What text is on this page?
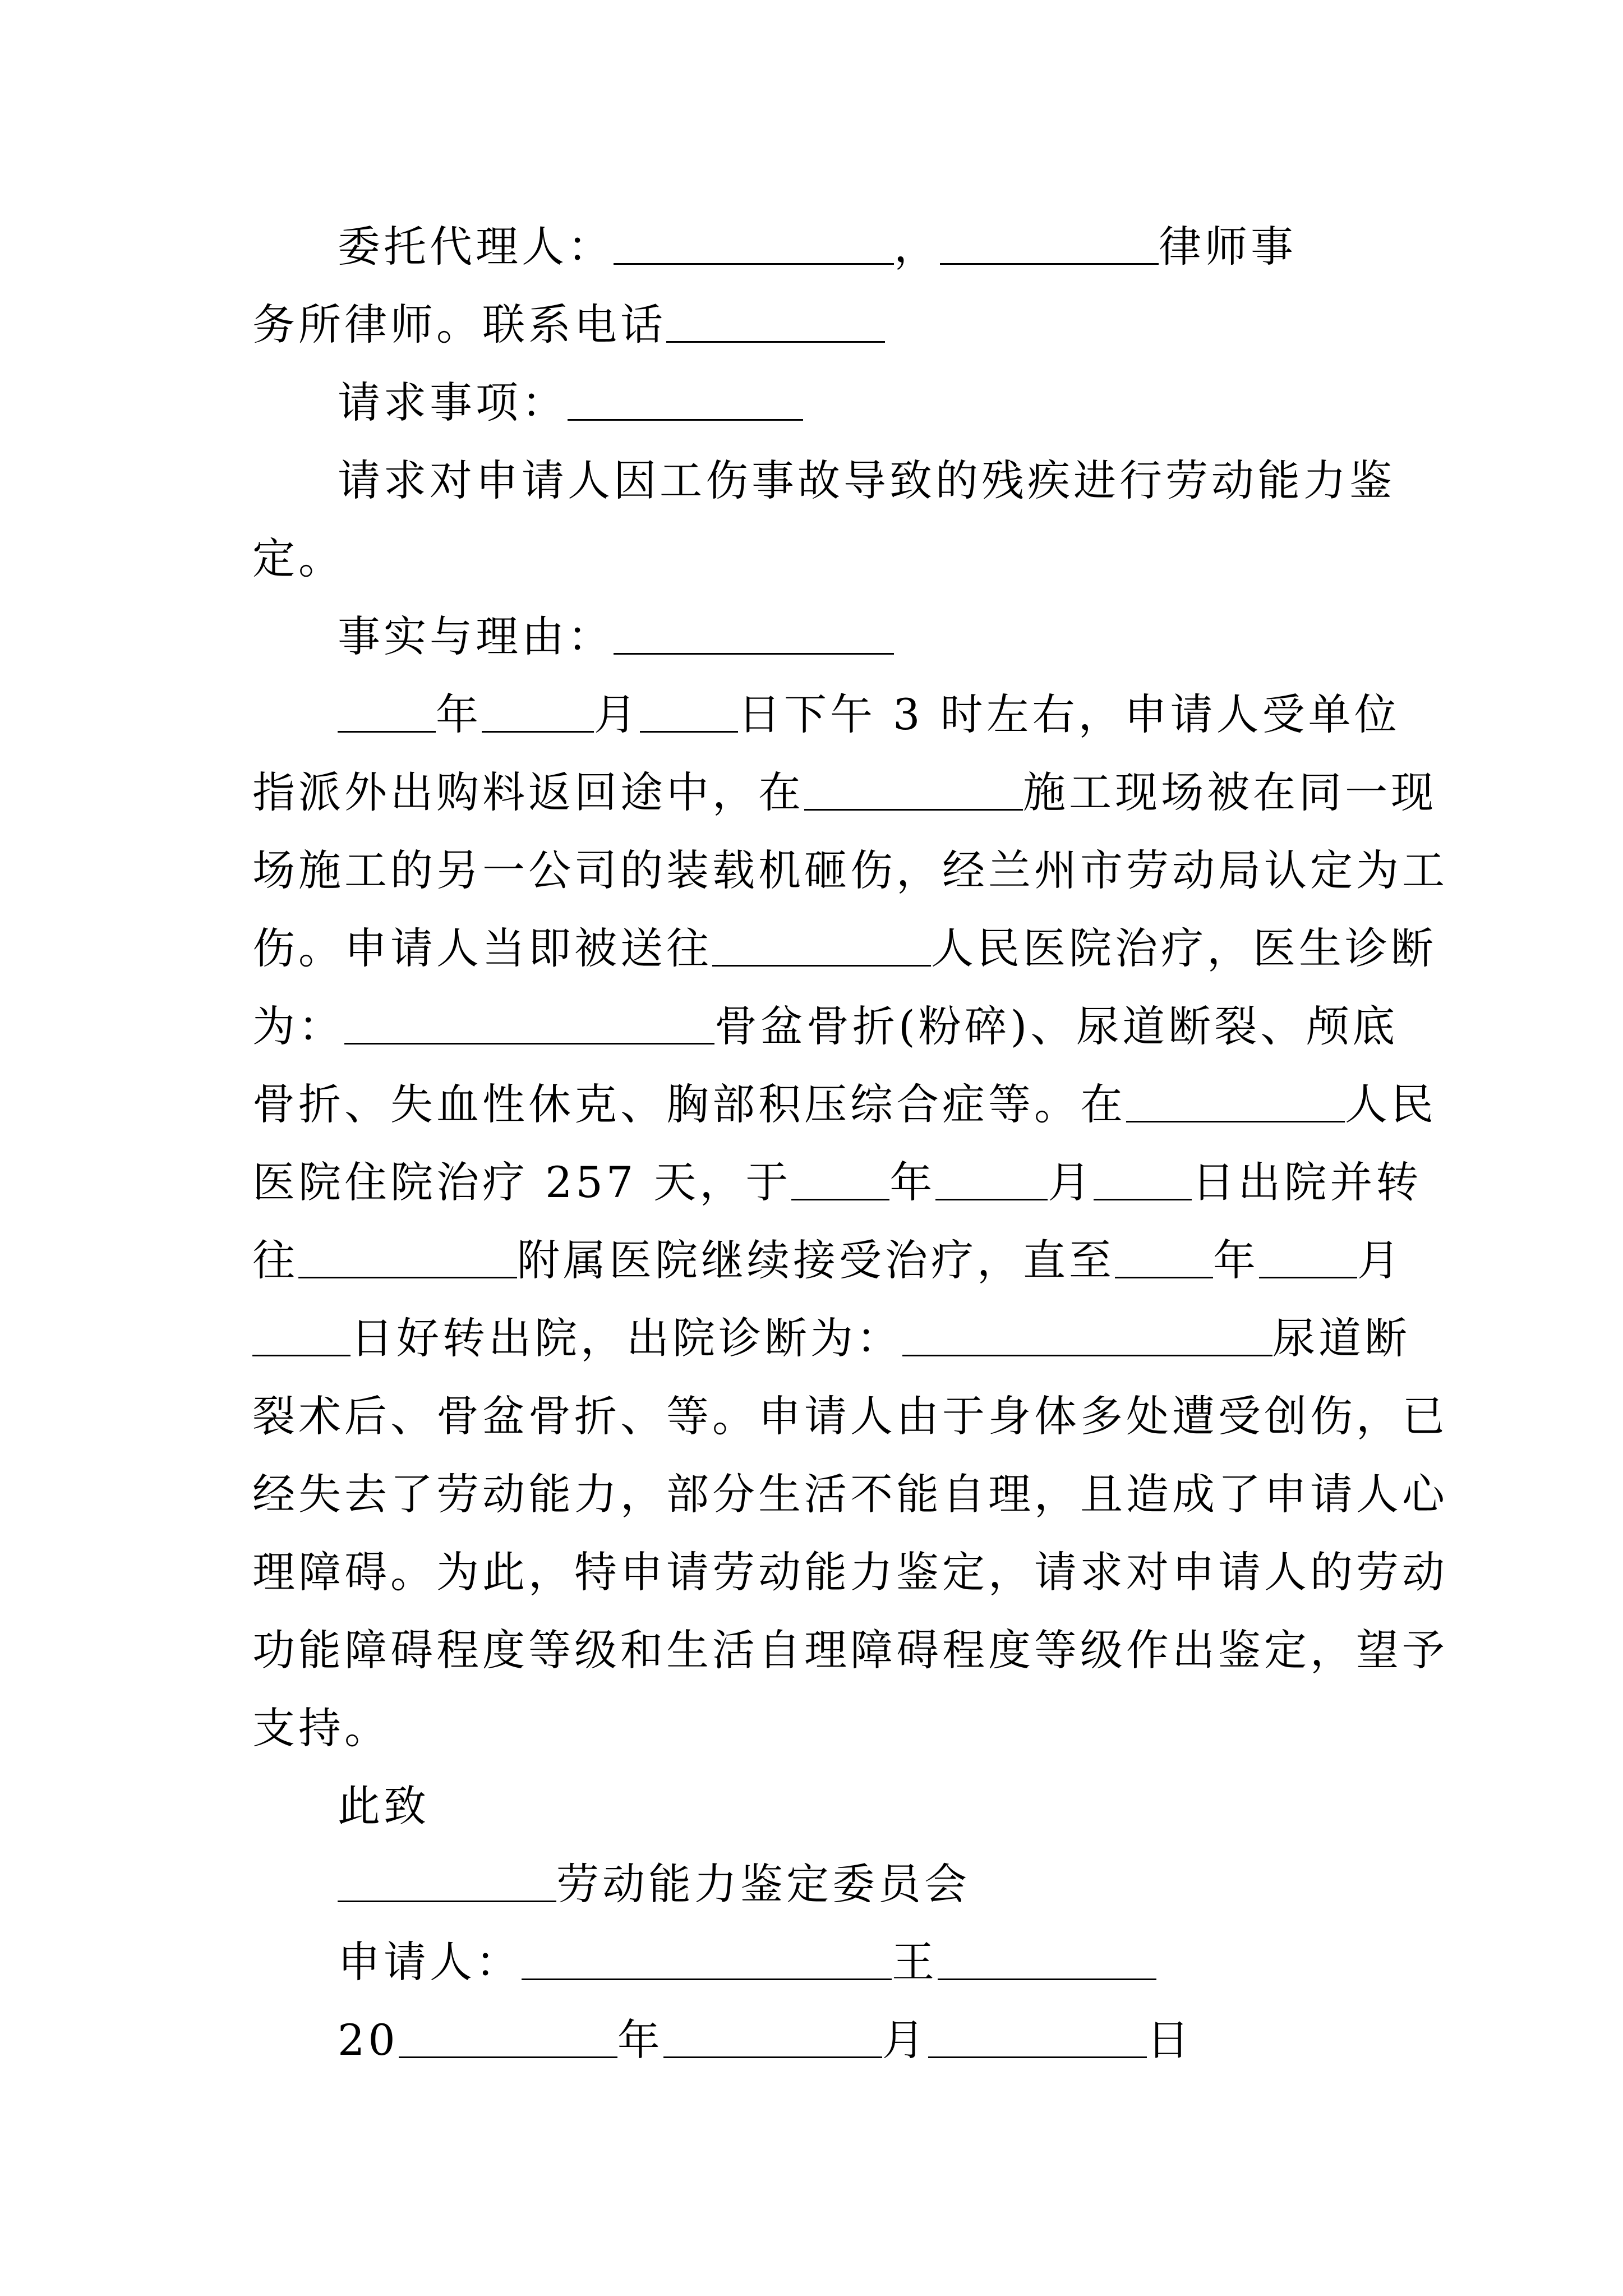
委托代理人：	，	律师事
务所律师。联系电话
请求事项：
请求对申请人因工伤事故导致的残疾进行劳动能力鉴
定。
事实与理由：
年	月 日下午 3 时左右，申请人受单位
指派外出购料返回途中，在	施工现场被在同一现
场施工的另一公司的装载机砸伤，经兰州市劳动局认定为工
伤。申请人当即被送往	人民医院治疗，医生诊断
为：	骨盆骨折(粉碎)、尿道断裂、颅底
骨折、失血性休克、胸部积压综合症等。在	人民
医院住院治疗 257 天，于 年	月 日出院并转
往	附属医院继续接受治疗，直至 年 月
日好转出院，出院诊断为：	尿道断
裂术后、骨盆骨折、等。申请人由于身体多处遭受创伤，已
经失去了劳动能力，部分生活不能自理，且造成了申请人心
理障碍。为此，特申请劳动能力鉴定，请求对申请人的劳动
功能障碍程度等级和生活自理障碍程度等级作出鉴定，望予
支持。
此致
劳动能力鉴定委员会
申请人：	王
20	年	月	日
